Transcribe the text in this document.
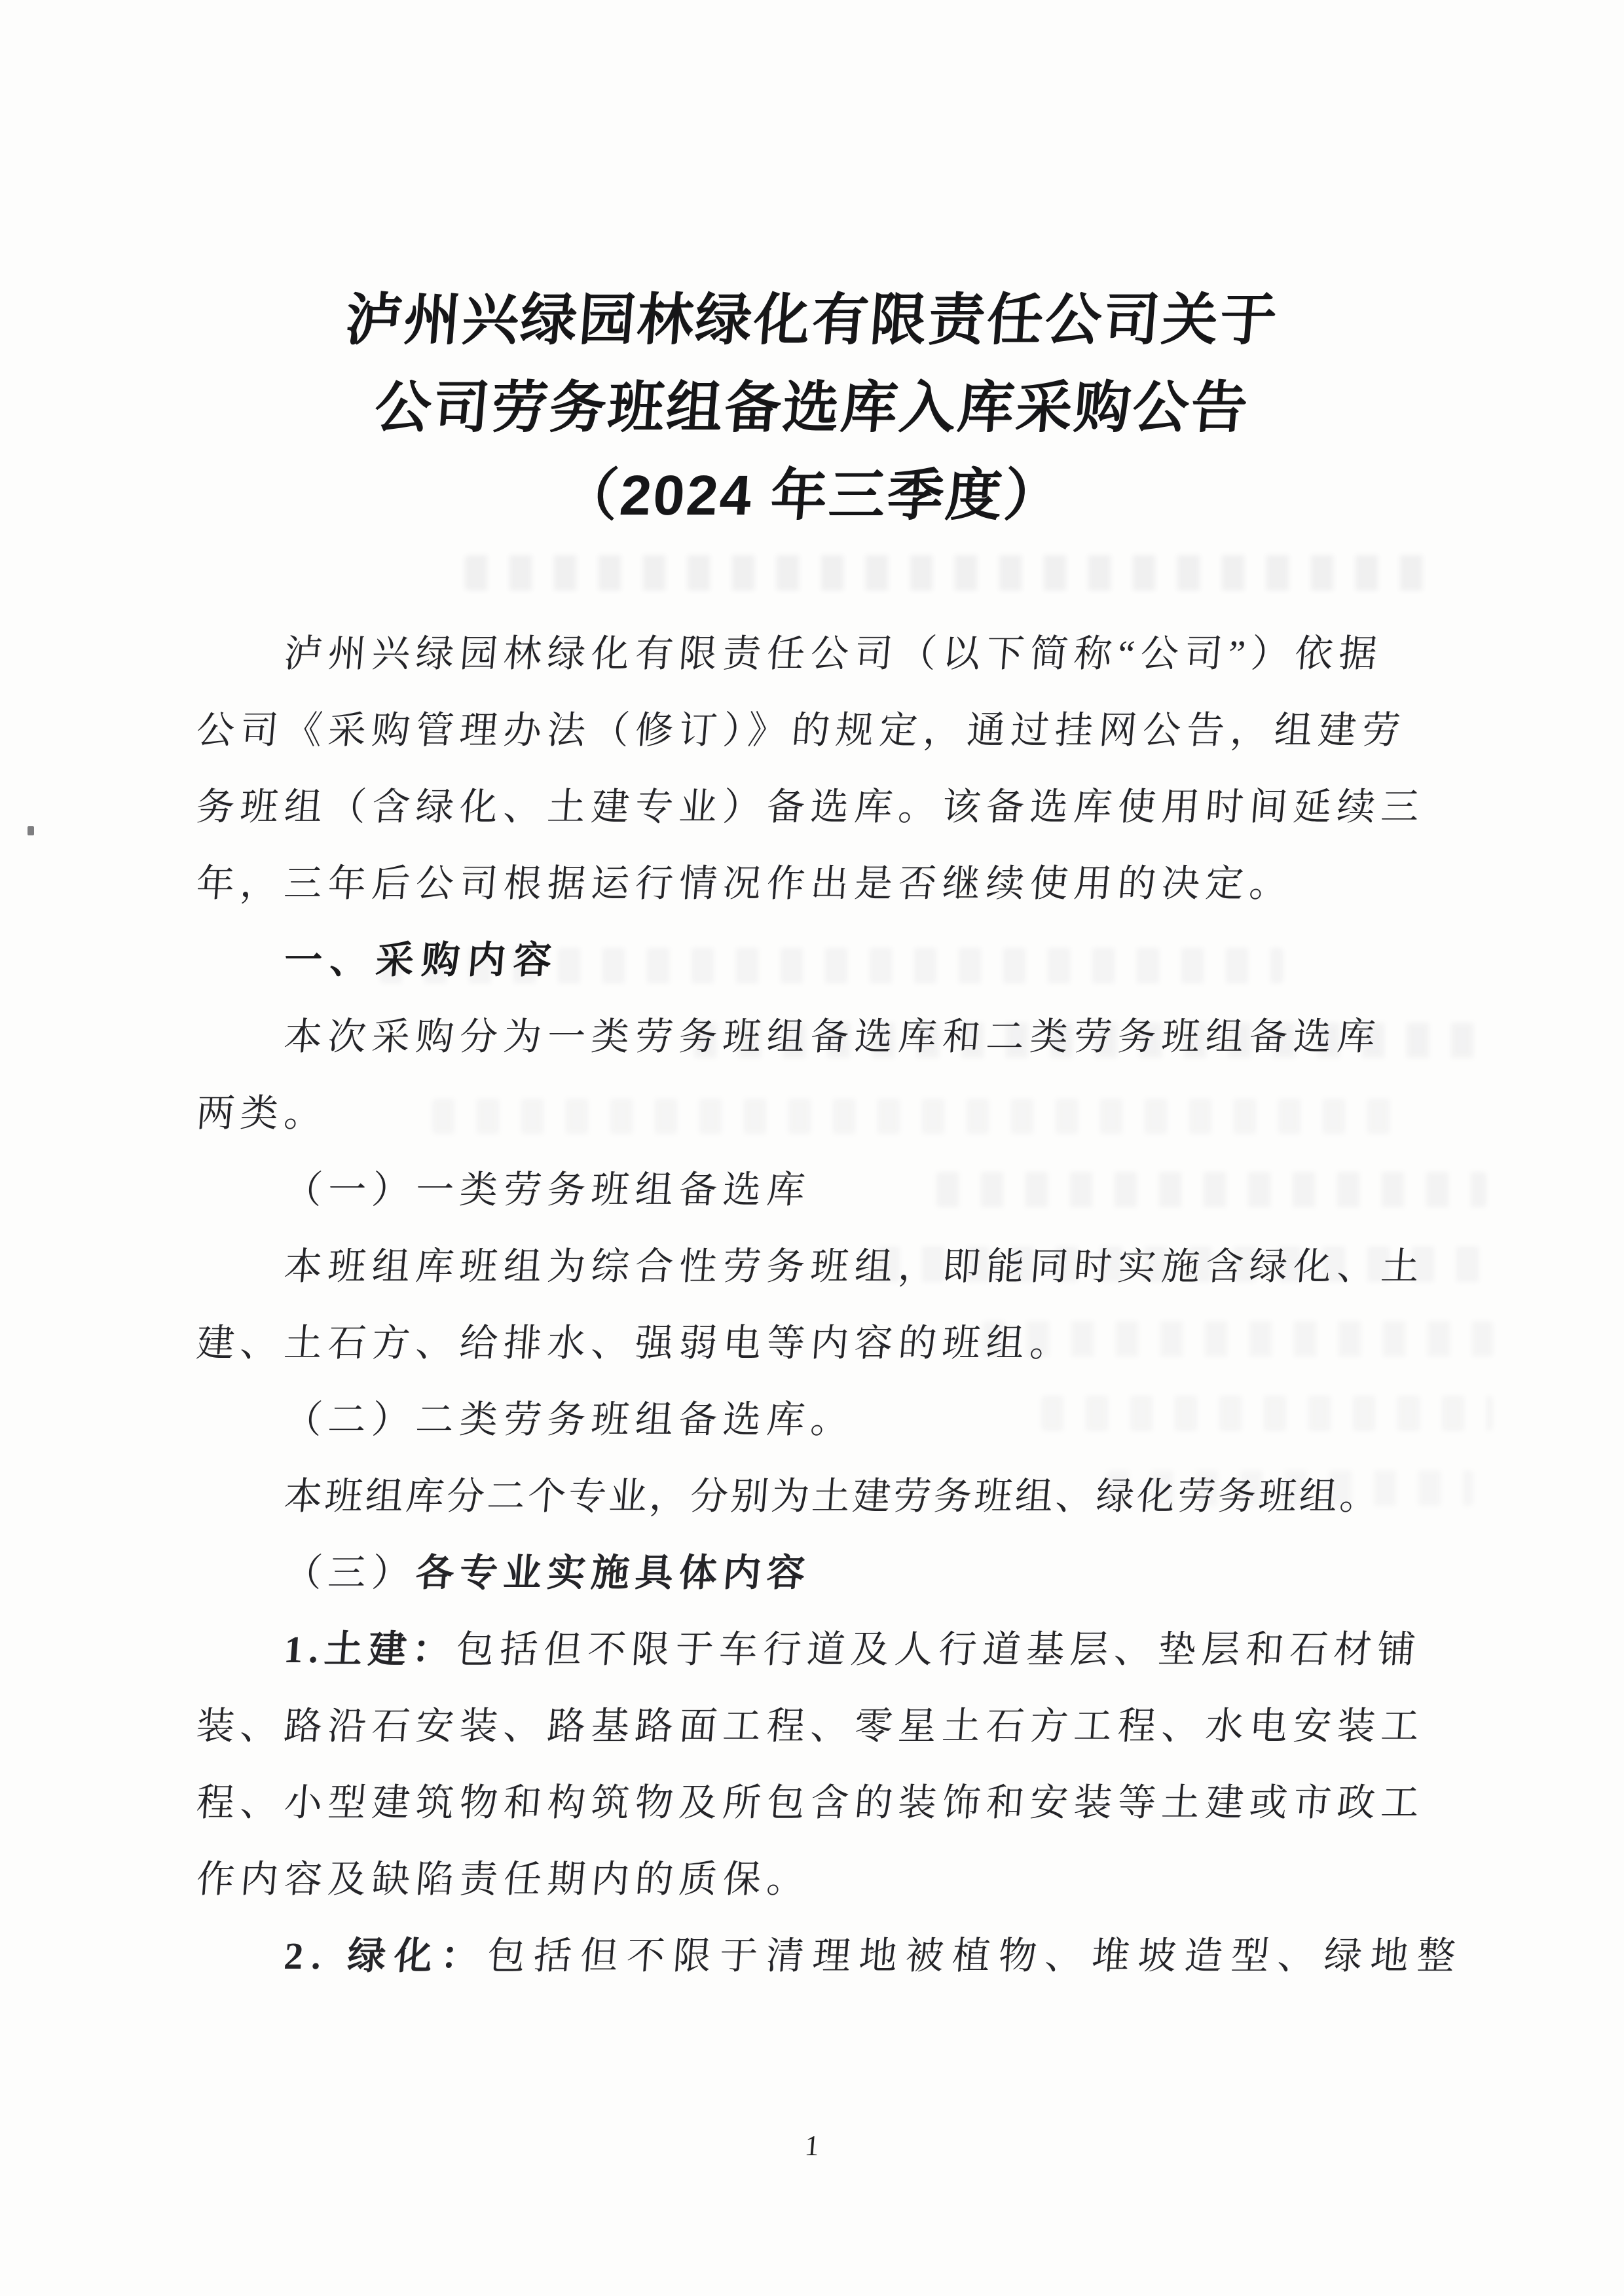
泸州兴绿园林绿化有限责任公司关于
公司劳务班组备选库入库采购公告
（2024 年三季度）
泸州兴绿园林绿化有限责任公司（以下简称“公司”）依据
公司《采购管理办法（修订）》的规定，通过挂网公告，组建劳
务班组（含绿化、土建专业）备选库。该备选库使用时间延续三
年，三年后公司根据运行情况作出是否继续使用的决定。
一、采购内容
本次采购分为一类劳务班组备选库和二类劳务班组备选库
两类。
（一）一类劳务班组备选库
本班组库班组为综合性劳务班组，即能同时实施含绿化、土
建、土石方、给排水、强弱电等内容的班组。
（二）二类劳务班组备选库。
本班组库分二个专业，分别为土建劳务班组、绿化劳务班组。
（三）各专业实施具体内容
1.土建：包括但不限于车行道及人行道基层、垫层和石材铺
装、路沿石安装、路基路面工程、零星土石方工程、水电安装工
程、小型建筑物和构筑物及所包含的装饰和安装等土建或市政工
作内容及缺陷责任期内的质保。
2. 绿化：包括但不限于清理地被植物、堆坡造型、绿地整
1
